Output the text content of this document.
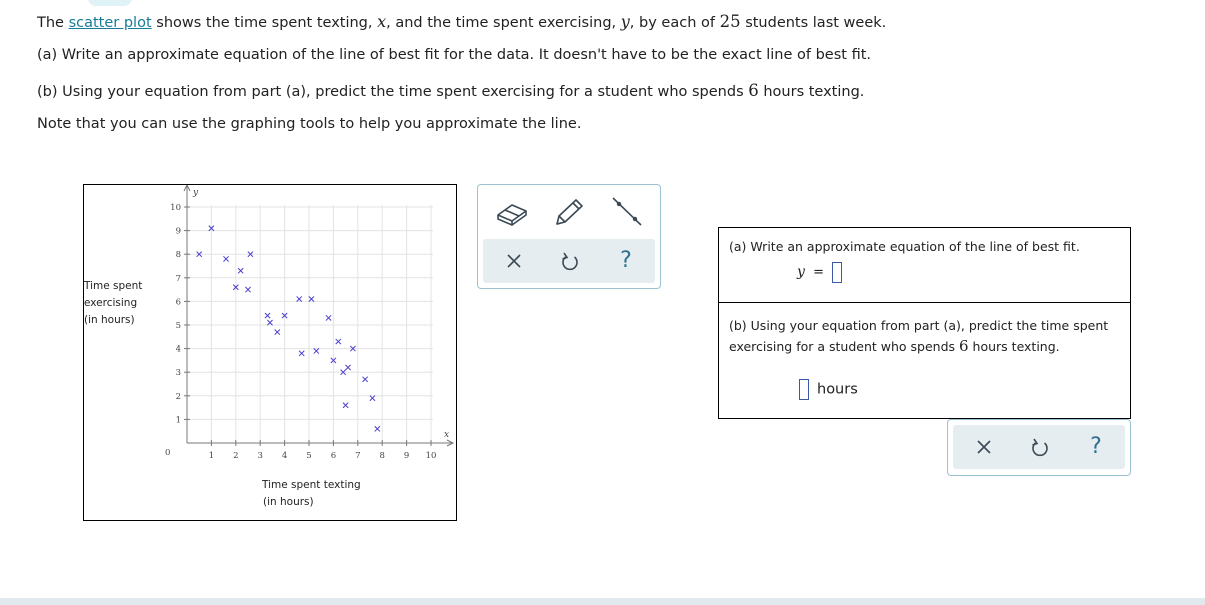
The scatter plot shows the time spent texting, x, and the time spent exercising, y, by each of 25 students last week.
(a) Write an approximate equation of the line of best fit for the data. It doesn't have to be the exact line of best fit.
(b) Using your equation from part (a), predict the time spent exercising for a student who spends 6 hours texting.
Note that you can use the graphing tools to help you approximate the line.
1 2 3 4 5 6 7 8 9 10
1
2
3
4
5
6
7
8
9
10
0
y
x
Time spent
exercising
(in hours)
Time spent texting
(in hours)
?
(a) Write an approximate equation of the line of best fit.
y =
(b) Using your equation from part (a), predict the time spent
exercising for a student who spends 6 hours texting.
hours
?
